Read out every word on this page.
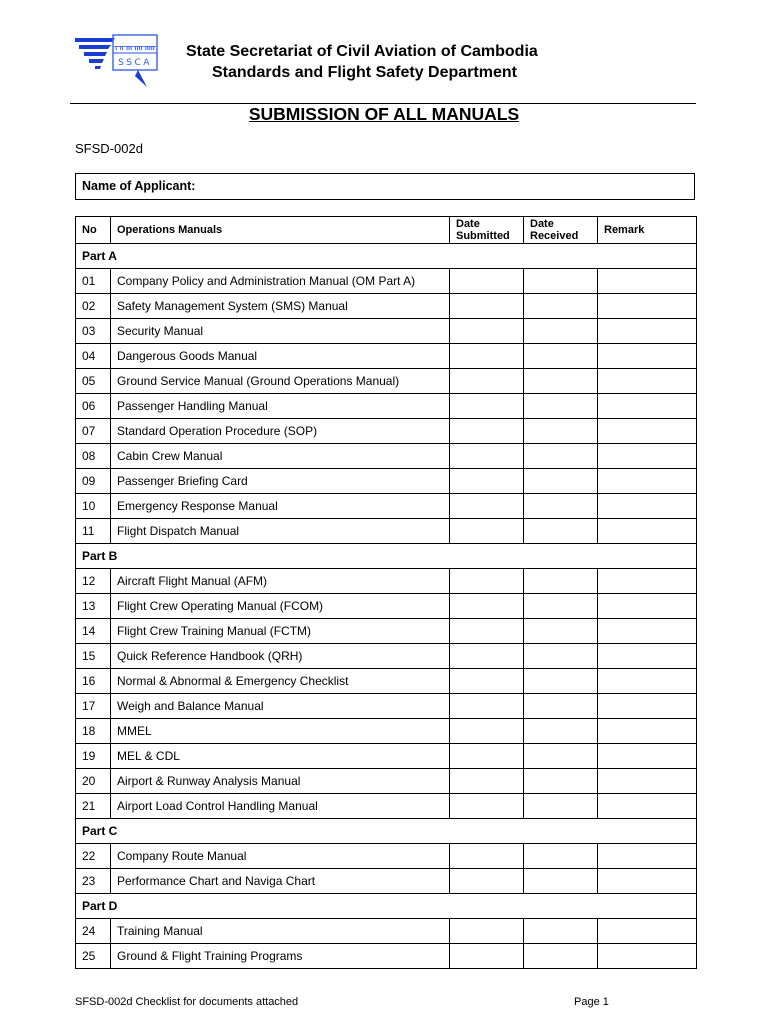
ᚁᚂᚃᚄᚅ
SSCA
State Secretariat of Civil Aviation of Cambodia
Standards and Flight Safety Department
SUBMISSION OF ALL MANUALS
SFSD-002d
Name of Applicant:
No	Operations Manuals	Date Submitted	Date Received	Remark
Part A				
01	Company Policy and Administration Manual (OM Part A)			
02	Safety Management System (SMS) Manual			
03	Security Manual			
04	Dangerous Goods Manual			
05	Ground Service Manual (Ground Operations Manual)			
06	Passenger Handling Manual			
07	Standard Operation Procedure (SOP)			
08	Cabin Crew Manual			
09	Passenger Briefing Card			
10	Emergency Response Manual			
11	Flight Dispatch Manual			
Part B				
12	Aircraft Flight Manual (AFM)			
13	Flight Crew Operating Manual (FCOM)			
14	Flight Crew Training Manual (FCTM)			
15	Quick Reference Handbook (QRH)			
16	Normal & Abnormal & Emergency Checklist			
17	Weigh and Balance Manual			
18	MMEL			
19	MEL & CDL			
20	Airport & Runway Analysis Manual			
21	Airport Load Control Handling Manual			
Part C				
22	Company Route Manual			
23	Performance Chart and Naviga Chart			
Part D				
24	Training Manual			
25	Ground & Flight Training Programs			
SFSD-002d Checklist for documents attached	Page 1
